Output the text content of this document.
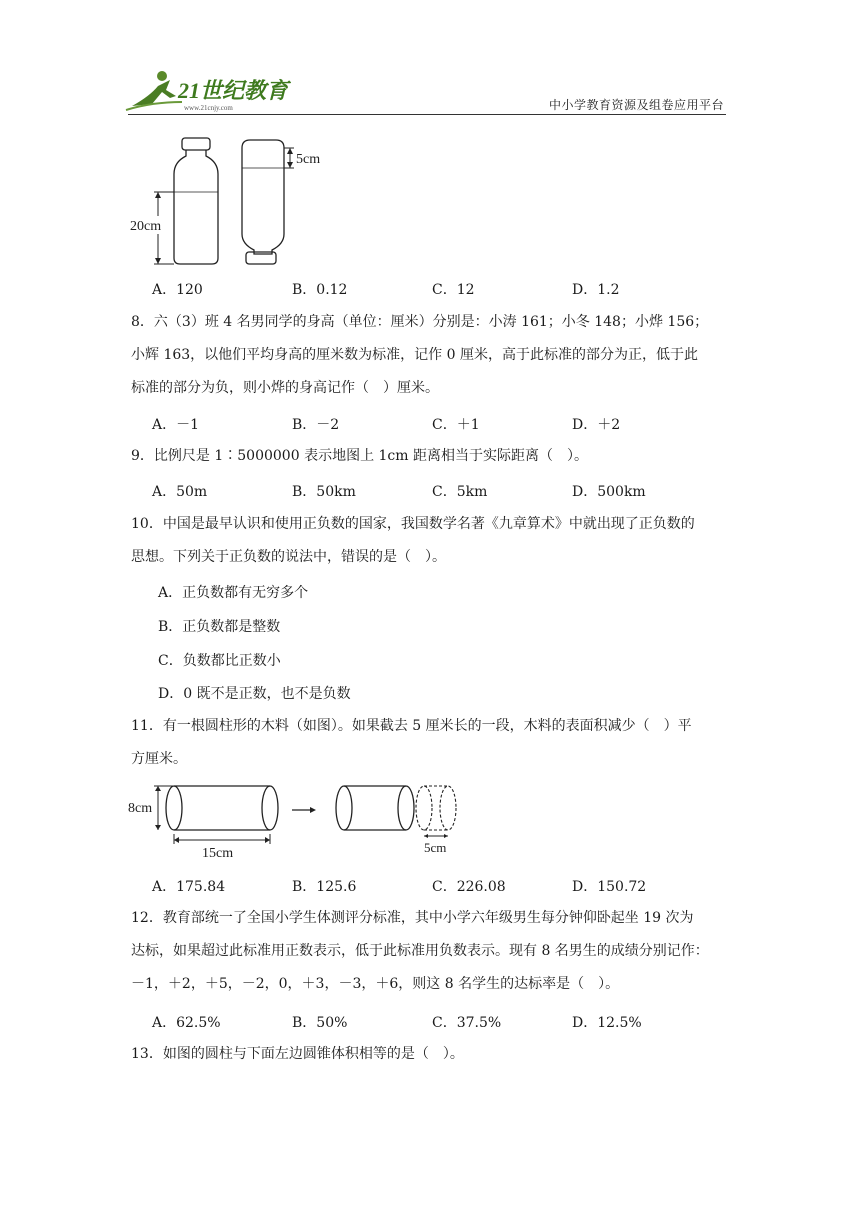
21世纪教育
www.21cnjy.com	中小学教育资源及组卷应用平台
20cm
5cm
A．120	B．0.12	C．12	D．1.2
8．六（3）班 4 名男同学的身高（单位：厘米）分别是：小涛 161；小冬 148；小烨 156；
小辉 163，以他们平均身高的厘米数为标准，记作 0 厘米，高于此标准的部分为正，低于此
标准的部分为负，则小烨的身高记作（　）厘米。
A．－1	B．－2	C．＋1	D．＋2
9．比例尺是 1∶5000000 表示地图上 1cm 距离相当于实际距离（　）。
A．50m	B．50km	C．5km	D．500km
10．中国是最早认识和使用正负数的国家，我国数学名著《九章算术》中就出现了正负数的
思想。下列关于正负数的说法中，错误的是（　）。
A．正负数都有无穷多个
B．正负数都是整数
C．负数都比正数小
D．0 既不是正数，也不是负数
11．有一根圆柱形的木料（如图）。如果截去 5 厘米长的一段，木料的表面积减少（　）平
方厘米。
8cm
15cm	5cm
A．175.84	B．125.6	C．226.08	D．150.72
12．教育部统一了全国小学生体测评分标准，其中小学六年级男生每分钟仰卧起坐 19 次为
达标，如果超过此标准用正数表示，低于此标准用负数表示。现有 8 名男生的成绩分别记作：
－1，＋2，＋5，－2，0，＋3，－3，＋6，则这 8 名学生的达标率是（　）。
A．62.5%	B．50%	C．37.5%	D．12.5%
13．如图的圆柱与下面左边圆锥体积相等的是（　）。
